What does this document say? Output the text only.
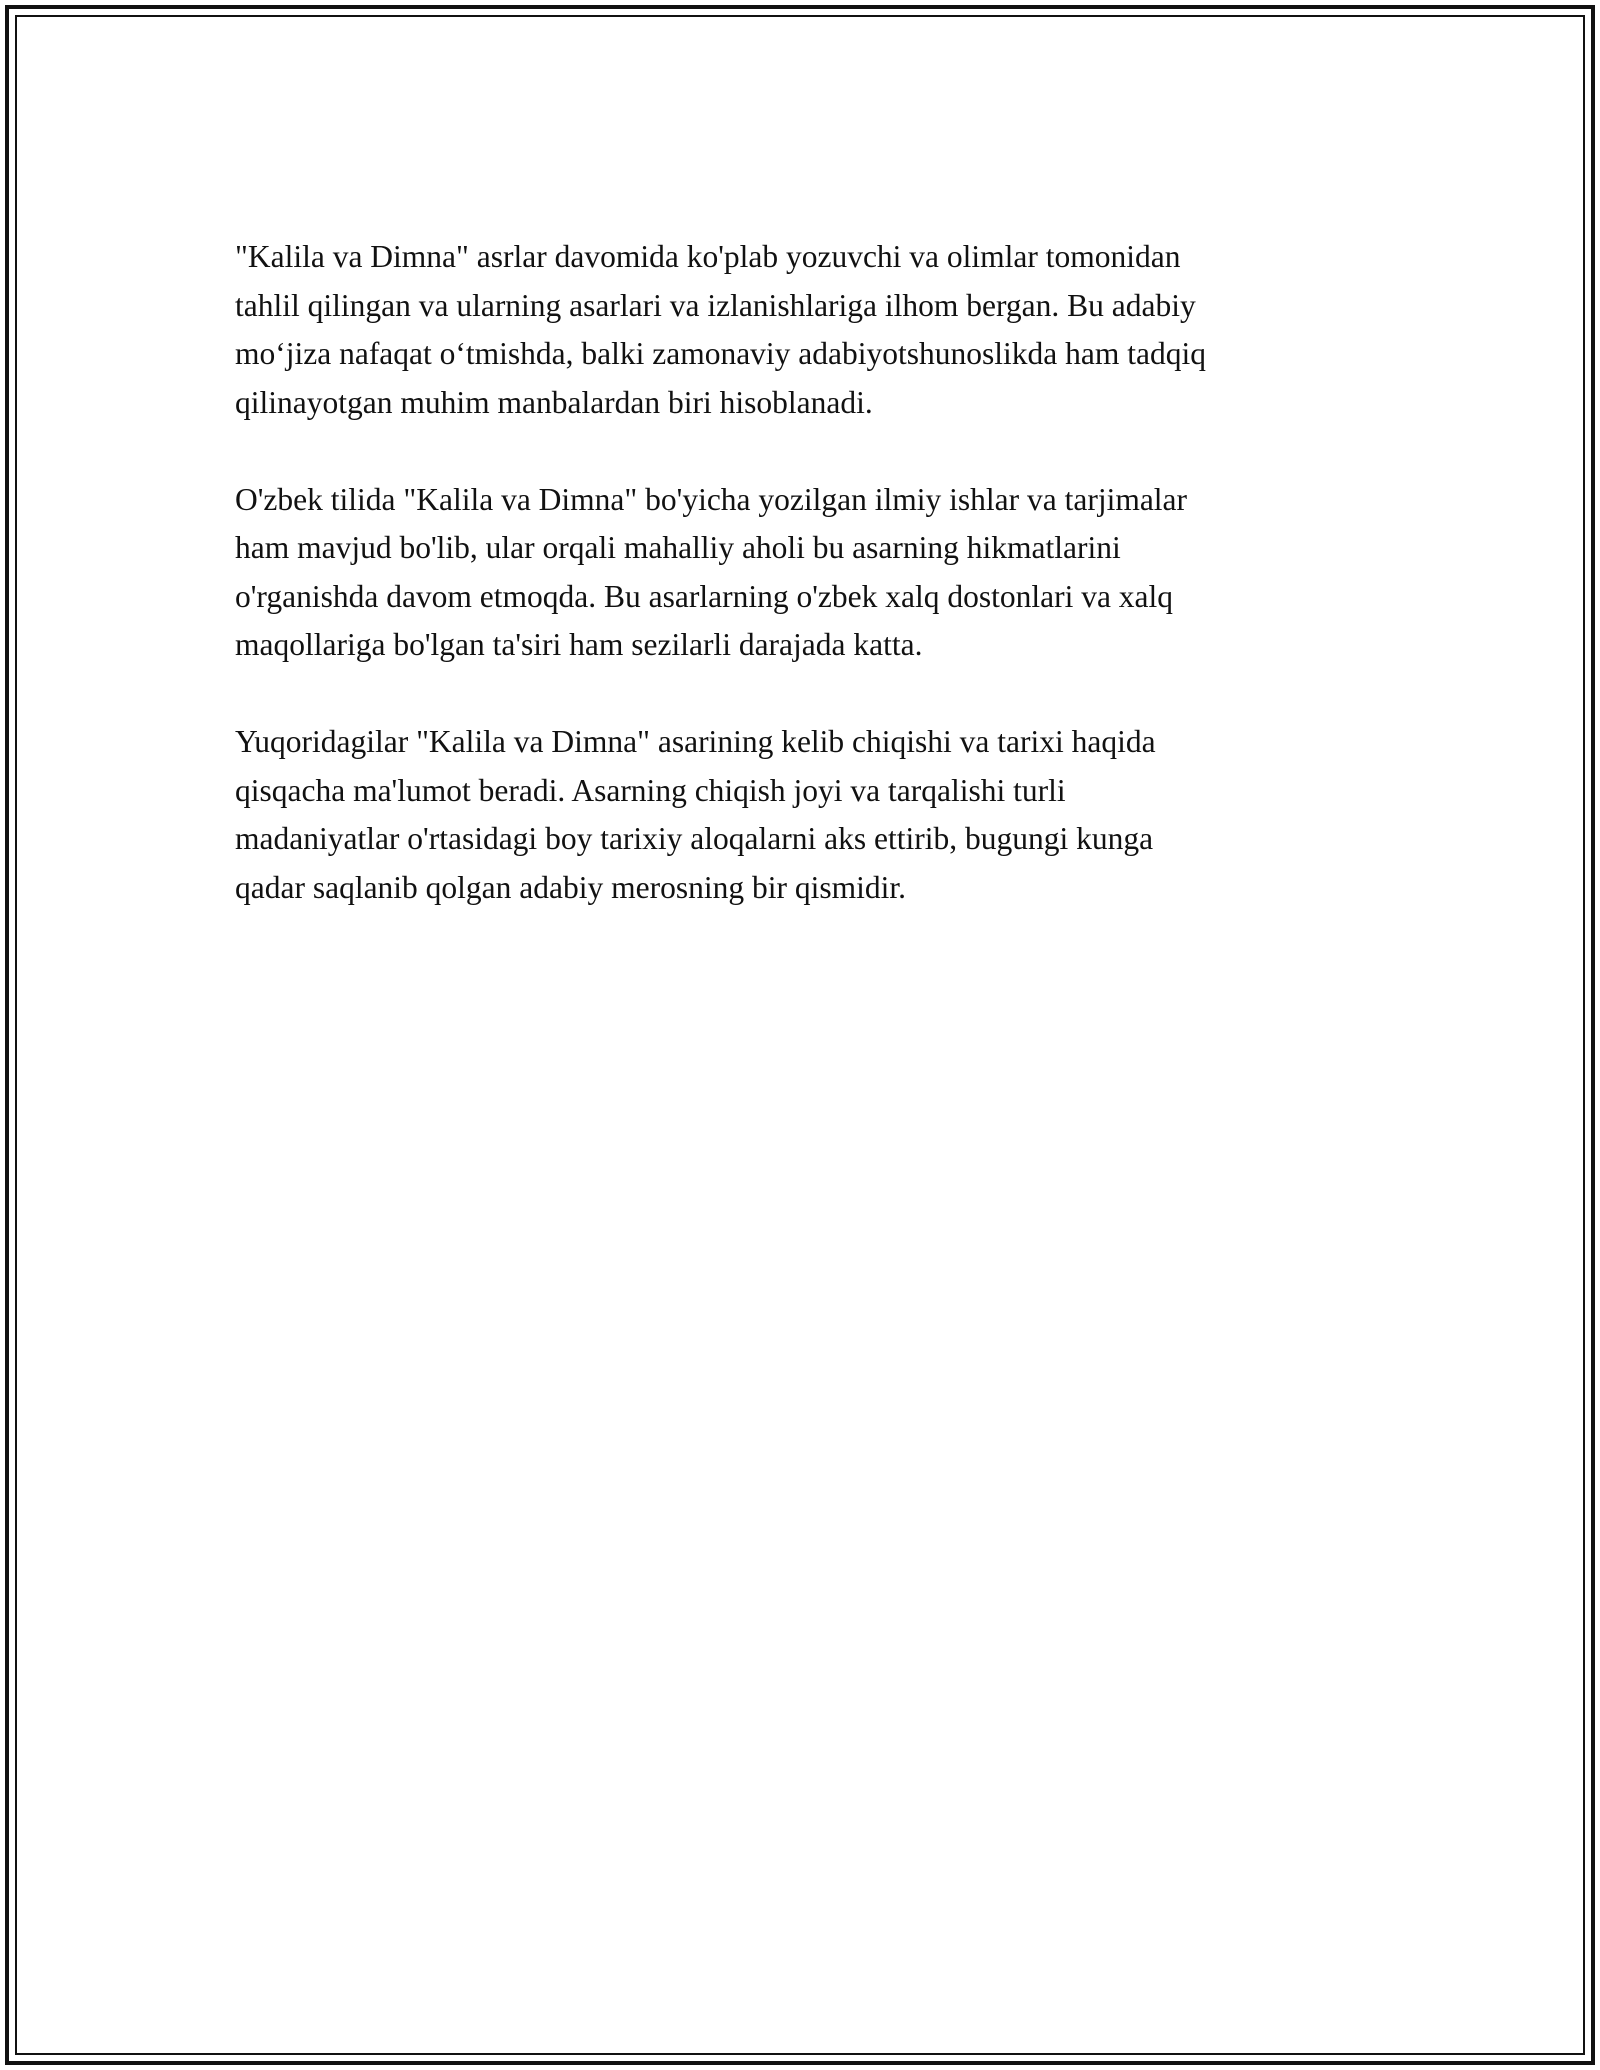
"Kalila va Dimna" asrlar davomida ko'plab yozuvchi va olimlar tomonidan
tahlil qilingan va ularning asarlari va izlanishlariga ilhom bergan. Bu adabiy
mo‘jiza nafaqat o‘tmishda, balki zamonaviy adabiyotshunoslikda ham tadqiq
qilinayotgan muhim manbalardan biri hisoblanadi.

O'zbek tilida "Kalila va Dimna" bo'yicha yozilgan ilmiy ishlar va tarjimalar
ham mavjud bo'lib, ular orqali mahalliy aholi bu asarning hikmatlarini
o'rganishda davom etmoqda. Bu asarlarning o'zbek xalq dostonlari va xalq
maqollariga bo'lgan ta'siri ham sezilarli darajada katta.

Yuqoridagilar "Kalila va Dimna" asarining kelib chiqishi va tarixi haqida
qisqacha ma'lumot beradi. Asarning chiqish joyi va tarqalishi turli
madaniyatlar o'rtasidagi boy tarixiy aloqalarni aks ettirib, bugungi kunga
qadar saqlanib qolgan adabiy merosning bir qismidir.
